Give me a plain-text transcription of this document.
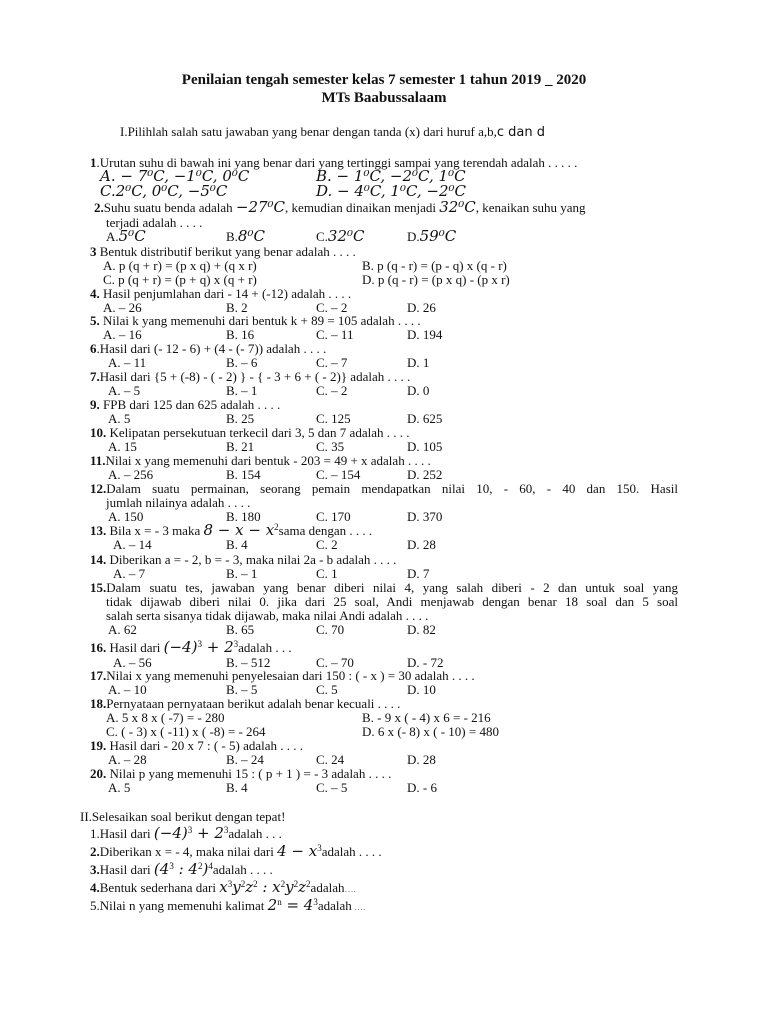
Penilaian tengah semester kelas 7 semester 1 tahun 2019 _ 2020
MTs Baabussalaam
I.Pilihlah salah satu jawaban yang benar dengan tanda (x) dari huruf a,b,c dan d
1.Urutan suhu di bawah ini yang benar dari yang tertinggi sampai yang terendah adalah . . . . .
A. − 7⁰C, −1⁰C, 0⁰C	B. − 1⁰C, −2⁰C, 1⁰C
C.2⁰C, 0⁰C, −5⁰C	D. − 4⁰C, 1⁰C, −2⁰C
2.Suhu suatu benda adalah −27⁰C, kemudian dinaikan menjadi 32⁰C, kenaikan suhu yang
terjadi adalah . . . .
A.5⁰C	B.8⁰C	C.32⁰C	D.59⁰C
3 Bentuk distributif berikut yang benar adalah . . . .
A. p (q + r) = (p x q) + (q x r)	B. p (q - r) = (p - q) x (q - r)
C. p (q + r) = (p + q) x (q + r)	D. p (q - r) = (p x q) - (p x r)
4. Hasil penjumlahan dari - 14 + (-12) adalah . . . .
A. – 26	B. 2	C. – 2	D. 26
5. Nilai k yang memenuhi dari bentuk k + 89 = 105 adalah . . . .
A. – 16	B. 16	C. – 11	D. 194
6.Hasil dari (- 12 - 6) + (4 - (- 7)) adalah . . . .
A. – 11	B. – 6	C. – 7	D. 1
7.Hasil dari {5 + (-8) - ( - 2) } - { - 3 + 6 + ( - 2)} adalah . . . .
A. – 5	B. – 1	C. – 2	D. 0
9. FPB dari 125 dan 625 adalah . . . .
A. 5	B. 25	C. 125	D. 625
10. Kelipatan persekutuan terkecil dari 3, 5 dan 7 adalah . . . .
A. 15	B. 21	C. 35	D. 105
11.Nilai x yang memenuhi dari bentuk - 203 = 49 + x adalah . . . .
A. – 256	B. 154	C. – 154	D. 252
12.Dalam suatu permainan, seorang pemain mendapatkan nilai 10, - 60, - 40 dan 150. Hasil
jumlah nilainya adalah . . . .
A. 150	B. 180	C. 170	D. 370
13. Bila x = - 3 maka $8 - x - x^2sama$ dengan . . . .
A. – 14	B. 4	C. 2	D. 28
14. Diberikan a = - 2, b = - 3, maka nilai 2a - b adalah . . . .
A. – 7	B. – 1	C. 1	D. 7
15.Dalam suatu tes, jawaban yang benar diberi nilai 4, yang salah diberi - 2 dan untuk soal yang
tidak dijawab diberi nilai 0. jika dari 25 soal, Andi menjawab dengan benar 18 soal dan 5 soal
salah serta sisanya tidak dijawab, maka nilai Andi adalah . . . .
A. 62	B. 65	C. 70	D. 82
16. Hasil dari $(-4)^3$ + $2^3adalah$ . . .
A. – 56	B. – 512	C. – 70	D. - 72
17.Nilai x yang memenuhi penyelesaian dari 150 : ( - x ) = 30 adalah . . . .
A. – 10	B. – 5	C. 5	D. 10
18.Pernyataan pernyataan berikut adalah benar kecuali . . . .
A. 5 x 8 x ( -7) = - 280	B. - 9 x ( - 4) x 6 = - 216
C. ( - 3) x ( -11) x ( -8) = - 264	D. 6 x (- 8) x ( - 10) = 480
19. Hasil dari - 20 x 7 : ( - 5) adalah . . . .
A. – 28	B. – 24	C. 24	D. 28
20. Nilai p yang memenuhi 15 : ( p + 1 ) = - 3 adalah . . . .
A. 5	B. 4	C. – 5	D. - 6
II.Selesaikan soal berikut dengan tepat!
1.Hasil dari $(-4)^3$ + $2^3adalah$ . . .
2.Diberikan x = - 4, maka nilai dari $4 - x^3adalah$ . . . .
3.Hasil dari ($4^3$ : $4^2)^4adalah$ . . . .
4.Bentuk sederhana dari $x^3y^2z^2$ : $x^2y^2z^2adalah\dots$.
5.Nilai n yang memenuhi kalimat $2^n$ = $4^3adalah$ ….
